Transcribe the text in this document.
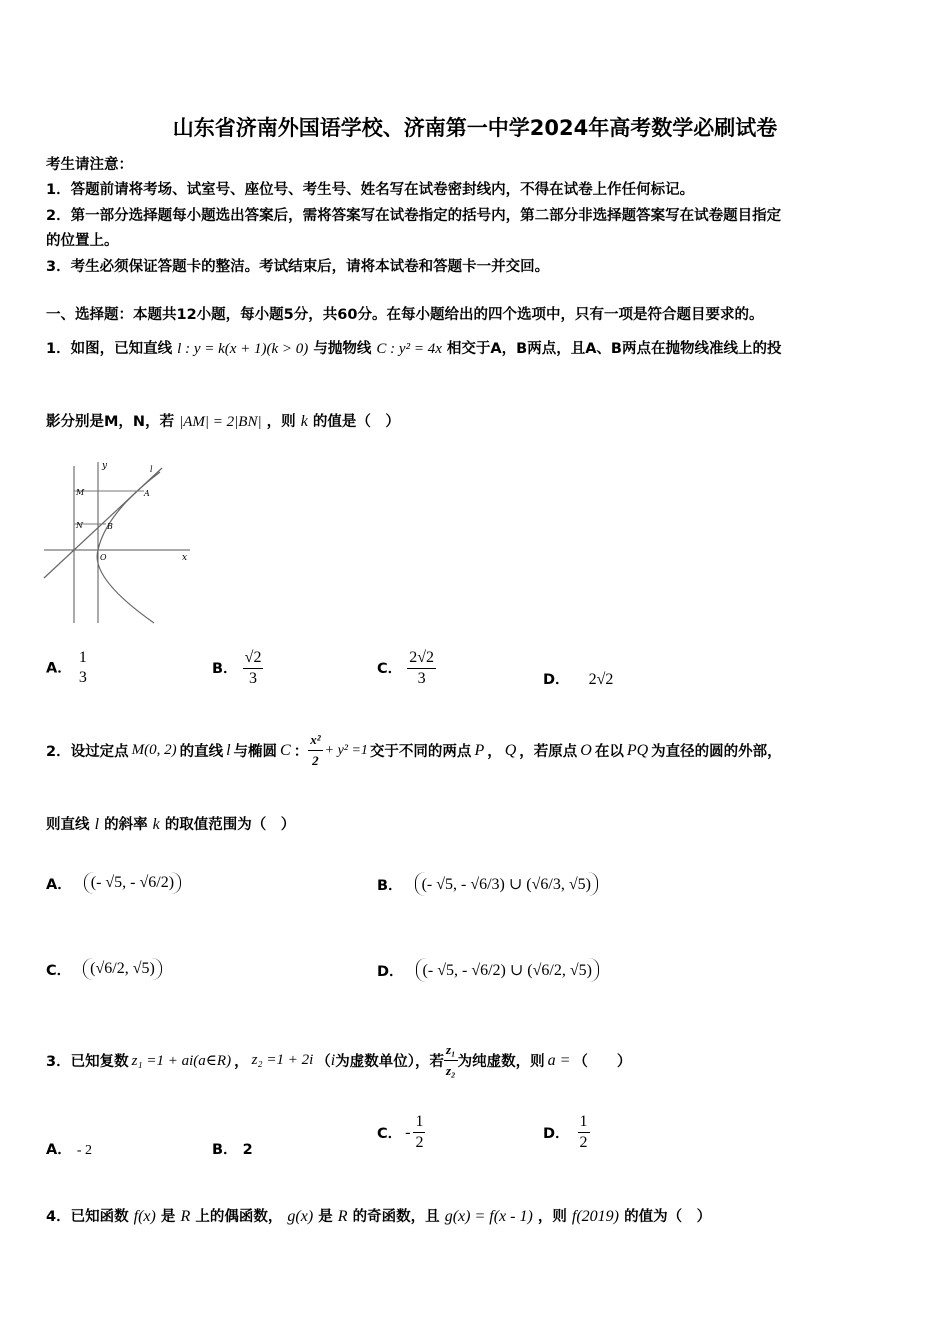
山东省济南外国语学校、济南第一中学2024年高考数学必刷试卷
考生请注意：
1．答题前请将考场、试室号、座位号、考生号、姓名写在试卷密封线内，不得在试卷上作任何标记。
2．第一部分选择题每小题选出答案后，需将答案写在试卷指定的括号内，第二部分非选择题答案写在试卷题目指定
的位置上。
3．考生必须保证答题卡的整洁。考试结束后，请将本试卷和答题卡一并交回。
一、选择题：本题共12小题，每小题5分，共60分。在每小题给出的四个选项中，只有一项是符合题目要求的。
1．如图，已知直线 l : y = k(x + 1)(k > 0) 与抛物线 C : y² = 4x 相交于A，B两点，且A、B两点在抛物线准线上的投
影分别是M，N，若 |AM| = 2|BN| ，则 k 的值是（　）
y
x
O
M
N
A
B
l
A．
1
3	B． $\frac{√2}{3}$	C． $\frac{2√2}{3}$	D． 2√2
2．设过定点 M(0, 2) 的直线 l 与椭圆 C ： $\frac{\text{x²}}{2} + y^2 =1$ 交于不同的两点 P ， Q ，若原点 O 在以 PQ 为直径的圆的外部，
则直线 l 的斜率 k 的取值范围为（　）
A．	(- √5, - √6/2)	B．	(- √5, - √6/3) ∪ (√6/3, √5)
C．	(√6/2, √5)	D．	(- √5, - √6/2) ∪ (√6/2, √5)
3．已知复数 z₁ =1 + ai(a∈R) ， z₂ =1 + 2i （ i 为虚数单位），若 $\frac{\text{z₁}}{\text{z₂}}$ 为纯虚数，则 a = （　　）
A． - 2	B． 2
C． - $\frac{1}{2}$	D． $\frac{1}{2}$
4．已知函数 f(x) 是 R 上的偶函数， g(x) 是 R 的奇函数，且 g(x) = f(x - 1) ，则 f(2019) 的值为（　）
